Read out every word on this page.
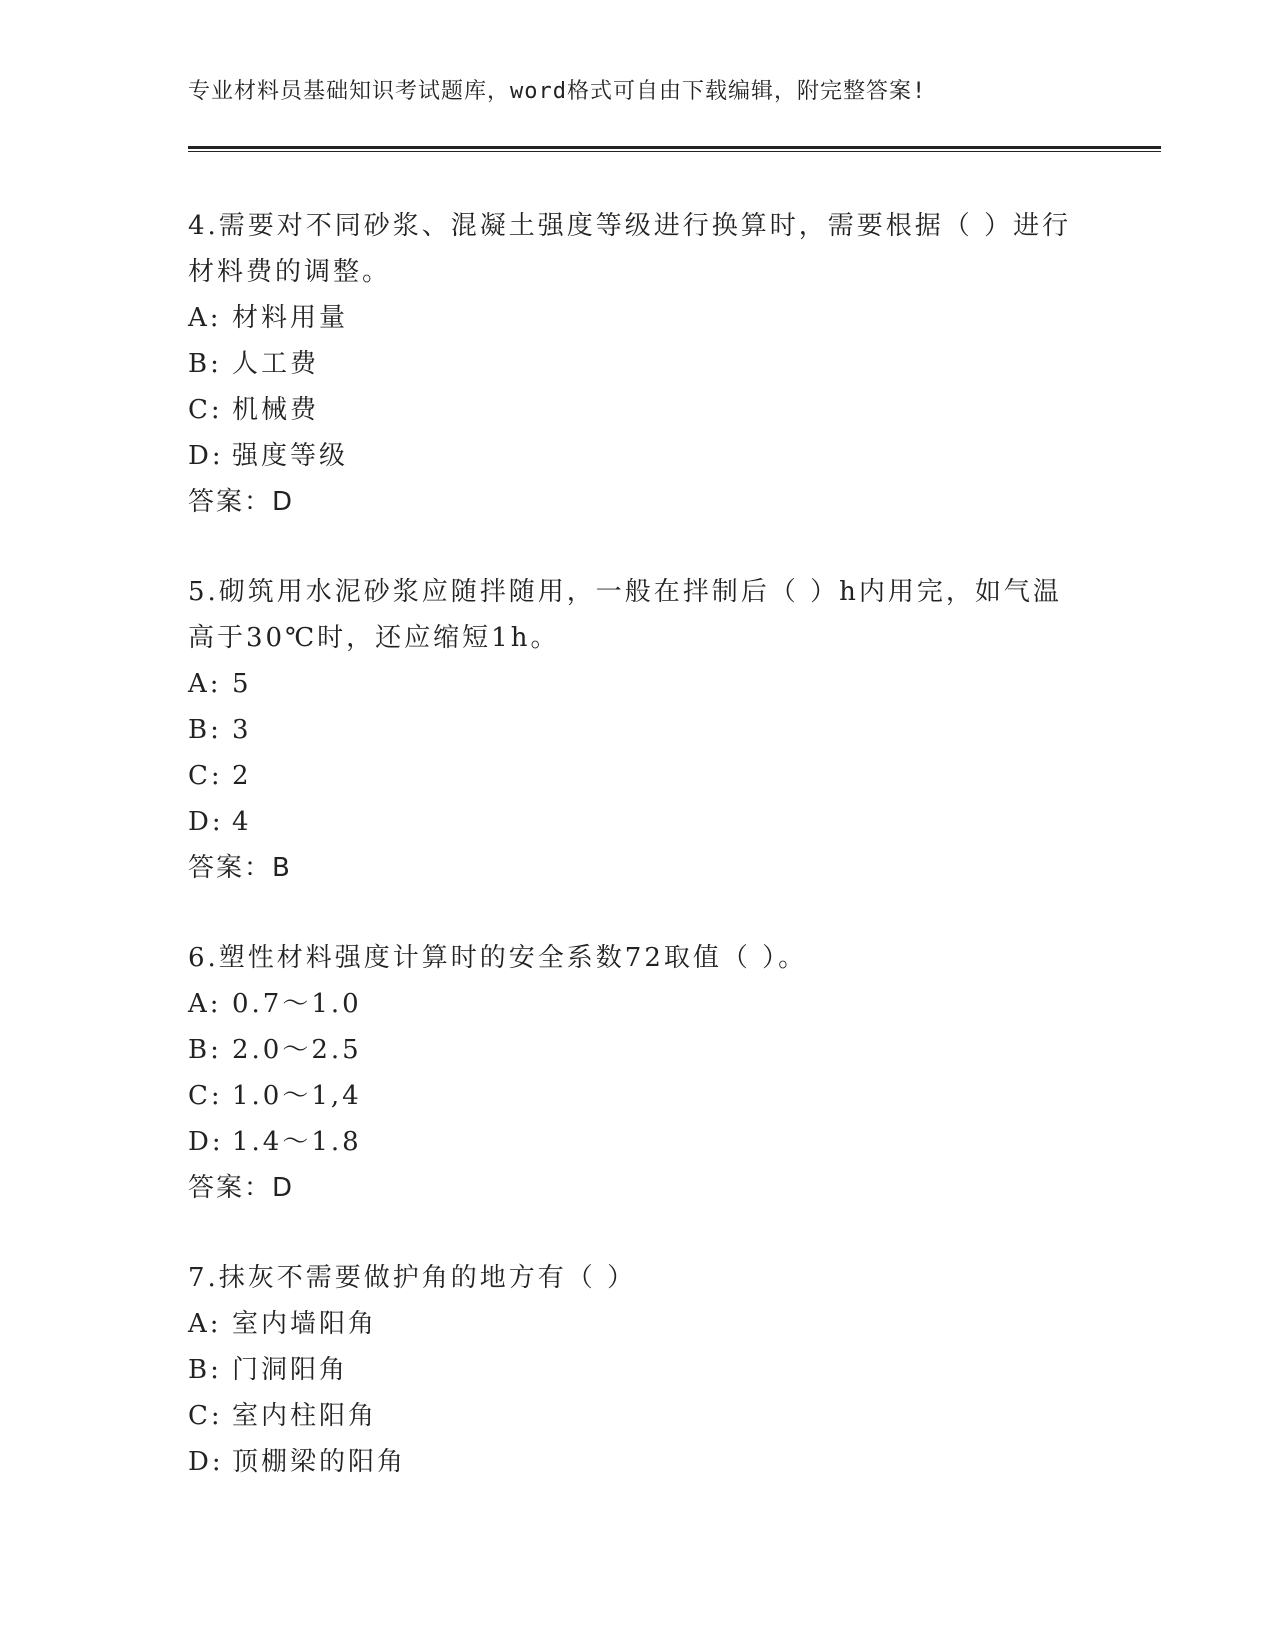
专业材料员基础知识考试题库，word格式可自由下载编辑，附完整答案!

4.需要对不同砂浆、混凝土强度等级进行换算时，需要根据（ ）进行材料费的调整。

A: 材料用量

B: 人工费

C: 机械费

D: 强度等级

答案：D

5.砌筑用水泥砂浆应随拌随用，一般在拌制后（ ）h内用完，如气温高于30℃时，还应缩短1h。

A: 5

B: 3

C: 2

D: 4

答案：B

6.塑性材料强度计算时的安全系数72取值（ ）。

A: 0.7～1.0

B: 2.0～2.5

C: 1.0～1,4

D: 1.4～1.8

答案：D

7.抹灰不需要做护角的地方有（ ）

A: 室内墙阳角

B: 门洞阳角

C: 室内柱阳角

D: 顶棚梁的阳角
